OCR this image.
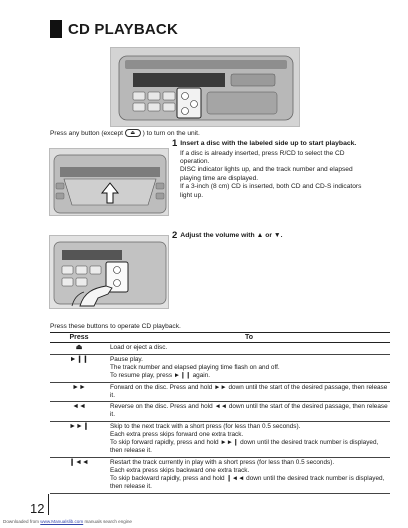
CD PLAYBACK
Press any button (except ⏏ ) to turn on the unit.
1 Insert a disc with the labeled side up to start playback.
If a disc is already inserted, press R/CD to select the CD operation.
DISC indicator lights up, and the track number and elapsed playing time are displayed.
If a 3-inch (8 cm) CD is inserted, both CD and CD-S indicators light up.
2 Adjust the volume with ▲ or ▼.
Press these buttons to operate CD playback.
Press	To
⏏	Load or eject a disc.

►❙❙	Pause play.
The track number and elapsed playing time flash on and off.
To resume play, press ►❙❙ again.

►►	Forward on the disc. Press and hold ►► down until the start of the desired passage, then release it.

◄◄	Reverse on the disc. Press and hold ◄◄ down until the start of the desired passage, then release it.

►►❙	Skip to the next track with a short press (for less than 0.5 seconds).
Each extra press skips forward one extra track.
To skip forward rapidly, press and hold ►►❙ down until the desired track number is displayed, then release it.

❙◄◄	Restart the track currently in play with a short press (for less than 0.5 seconds).
Each extra press skips backward one extra track.
To skip backward rapidly, press and hold ❙◄◄ down until the desired track number is displayed, then release it.
12
Downloaded from www.Manualslib.com manuals search engine
